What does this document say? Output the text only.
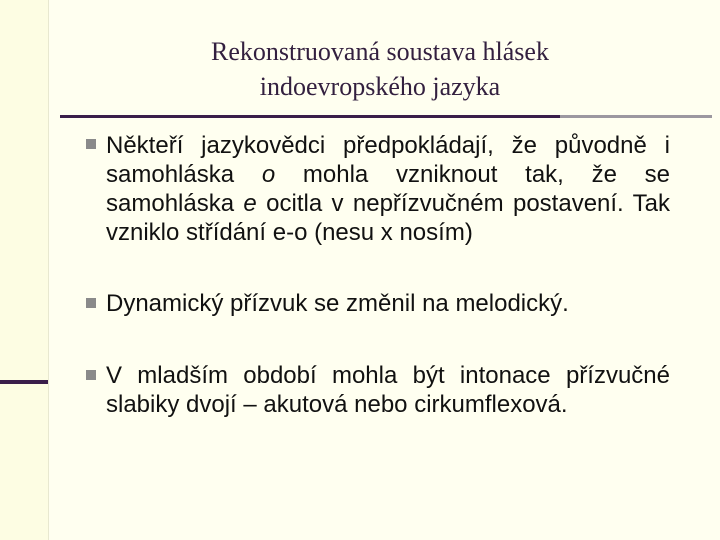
Rekonstruovaná soustava hlásek
indoevropského jazyka
Někteří jazykovědci předpokládají, že původně i samohláska o mohla vzniknout tak, že se samohláska e ocitla v nepřízvučném postavení. Tak vzniklo střídání e-o (nesu x nosím)
Dynamický přízvuk se změnil na melodický.
V mladším období mohla být intonace přízvučné slabiky dvojí – akutová nebo cirkumflexová.
